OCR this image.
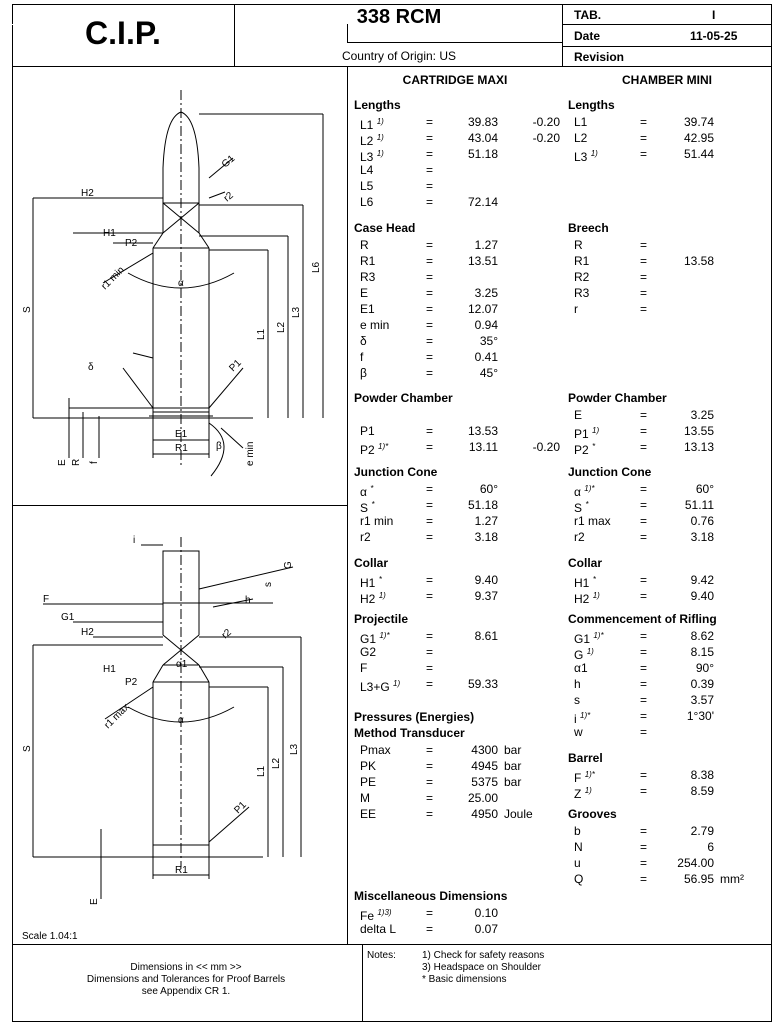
C.I.P.	338 RCM
Country of Origin: US
TAB.	I
Date	11-05-25
Revision
CARTRIDGE MAXI	CHAMBER MINI
Lengths
L1 $^{1)}$	=	39.83	-0.20
L2 $^{1)}$	=	43.04	-0.20
L3 $^{1)}$	=	51.18
L4	=
L5	=
L6	=	72.14
Case Head
R	=	1.27
R1	=	13.51
R3	=
E	=	3.25
E1	=	12.07
e min	=	0.94
δ	=	35°
f	=	0.41
β	=	45°
Powder Chamber
P1	=	13.53
P2 $^{1)*}$	=	13.11	-0.20
Junction Cone
α *	=	60°
S *	=	51.18
r1 min	=	1.27
r2	=	3.18
Collar
H1 *	=	9.40
H2 $^{1)}$	=	9.37
Projectile
G1 $^{1)*}$	=	8.61
G2	=
F	=
L3+G $^{1)}$ =	59.33
Pressures (Energies)
Method Transducer
Pmax	=	4300 bar
PK	=	4945 bar
PE	=	5375 bar
M	=	25.00
EE	=	4950 Joule
Miscellaneous Dimensions
Fe $^{1)3)}$	=	0.10
delta L =	0.07
Lengths
L1	=	39.74
L2	=	42.95
L3 $^{1)}$	=	51.44
Breech
R	=
R1	=	13.58
R2	=
R3	=
r	=
Powder Chamber
E	=	3.25
P1 $^{1)}$	=	13.55
P2 *	=	13.13
Junction Cone
α $^{1)*}$	=	60°
S *	=	51.11
r1 max =	0.76
r2	=	3.18
Collar
H1 *	=	9.42
H2 $^{1)}$	=	9.40
Commencement of Rifling
G1 $^{1)*}$	=	8.62
G $^{1)}$	=	8.15
α1	=	90°
h	=	0.39
s	=	3.57
i $^{1)*}$	=	1°30'
w	=
Barrel
F $^{1)*}$	=	8.38
Z $^{1)}$	=	8.59
Grooves
b	=	2.79
N	=	6
u	=	254.00
Q	=	56.95 mm²
Scale 1.04:1
Dimensions in << mm >>
Dimensions and Tolerances for Proof Barrels
see Appendix CR 1.
Notes:	1) Check for safety reasons
3) Headspace on Shoulder
* Basic dimensions
G1
r2
H2
H1
P2
r1 min	α
L6
S
L1
L2
L3
δ	P1
E1
R1	β e min
E R f
i
G
s
h
F
G1
H2	r2
α1
H1
P2
r1 max	α
S
L1
L2
L3
P1
R1
E
